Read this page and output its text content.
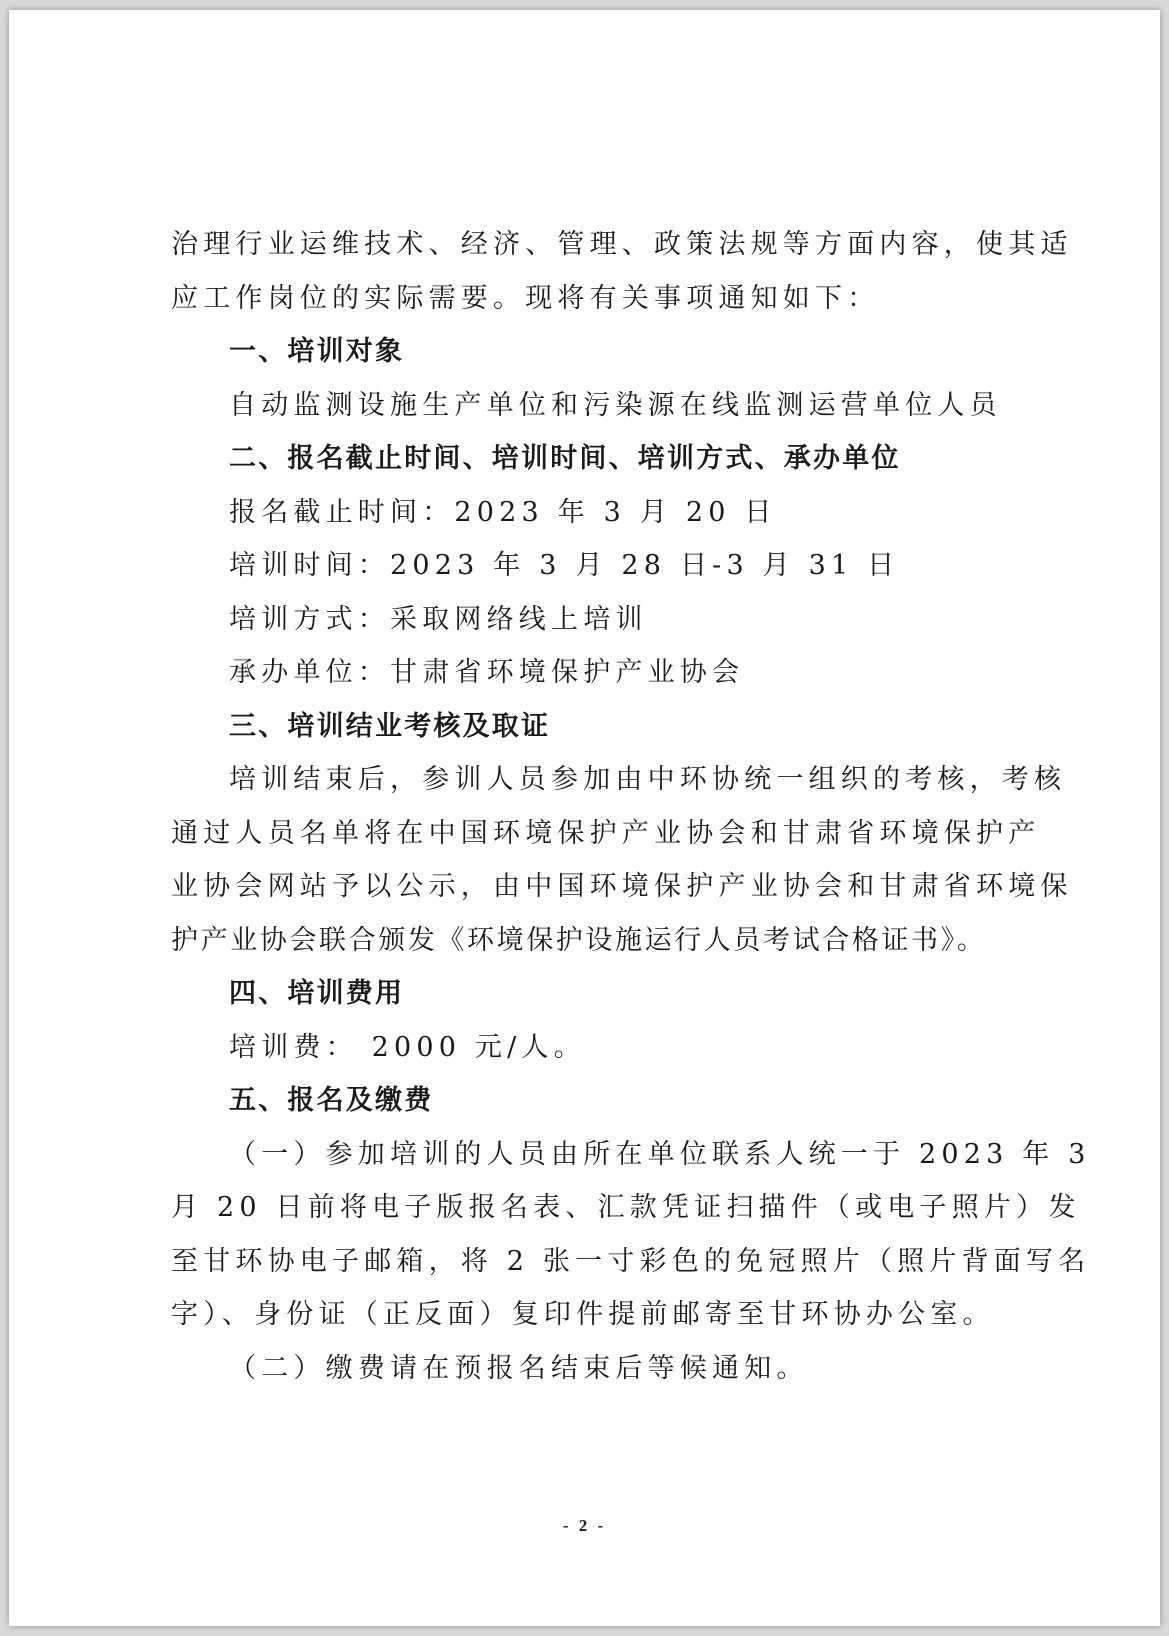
治理行业运维技术、经济、管理、政策法规等方面内容，使其适
应工作岗位的实际需要。现将有关事项通知如下：
一、培训对象
自动监测设施生产单位和污染源在线监测运营单位人员
二、报名截止时间、培训时间、培训方式、承办单位
报名截止时间：2023 年 3 月 20 日
培训时间：2023 年 3 月 28 日-3 月 31 日
培训方式：采取网络线上培训
承办单位：甘肃省环境保护产业协会
三、培训结业考核及取证
培训结束后，参训人员参加由中环协统一组织的考核，考核
通过人员名单将在中国环境保护产业协会和甘肃省环境保护产
业协会网站予以公示，由中国环境保护产业协会和甘肃省环境保
护产业协会联合颁发《环境保护设施运行人员考试合格证书》。
四、培训费用
培训费： 2000 元/人。
五、报名及缴费
（一）参加培训的人员由所在单位联系人统一于 2023 年 3
月 20 日前将电子版报名表、汇款凭证扫描件（或电子照片）发
至甘环协电子邮箱，将 2 张一寸彩色的免冠照片（照片背面写名
字）、身份证（正反面）复印件提前邮寄至甘环协办公室。
（二）缴费请在预报名结束后等候通知。
- 2 -
